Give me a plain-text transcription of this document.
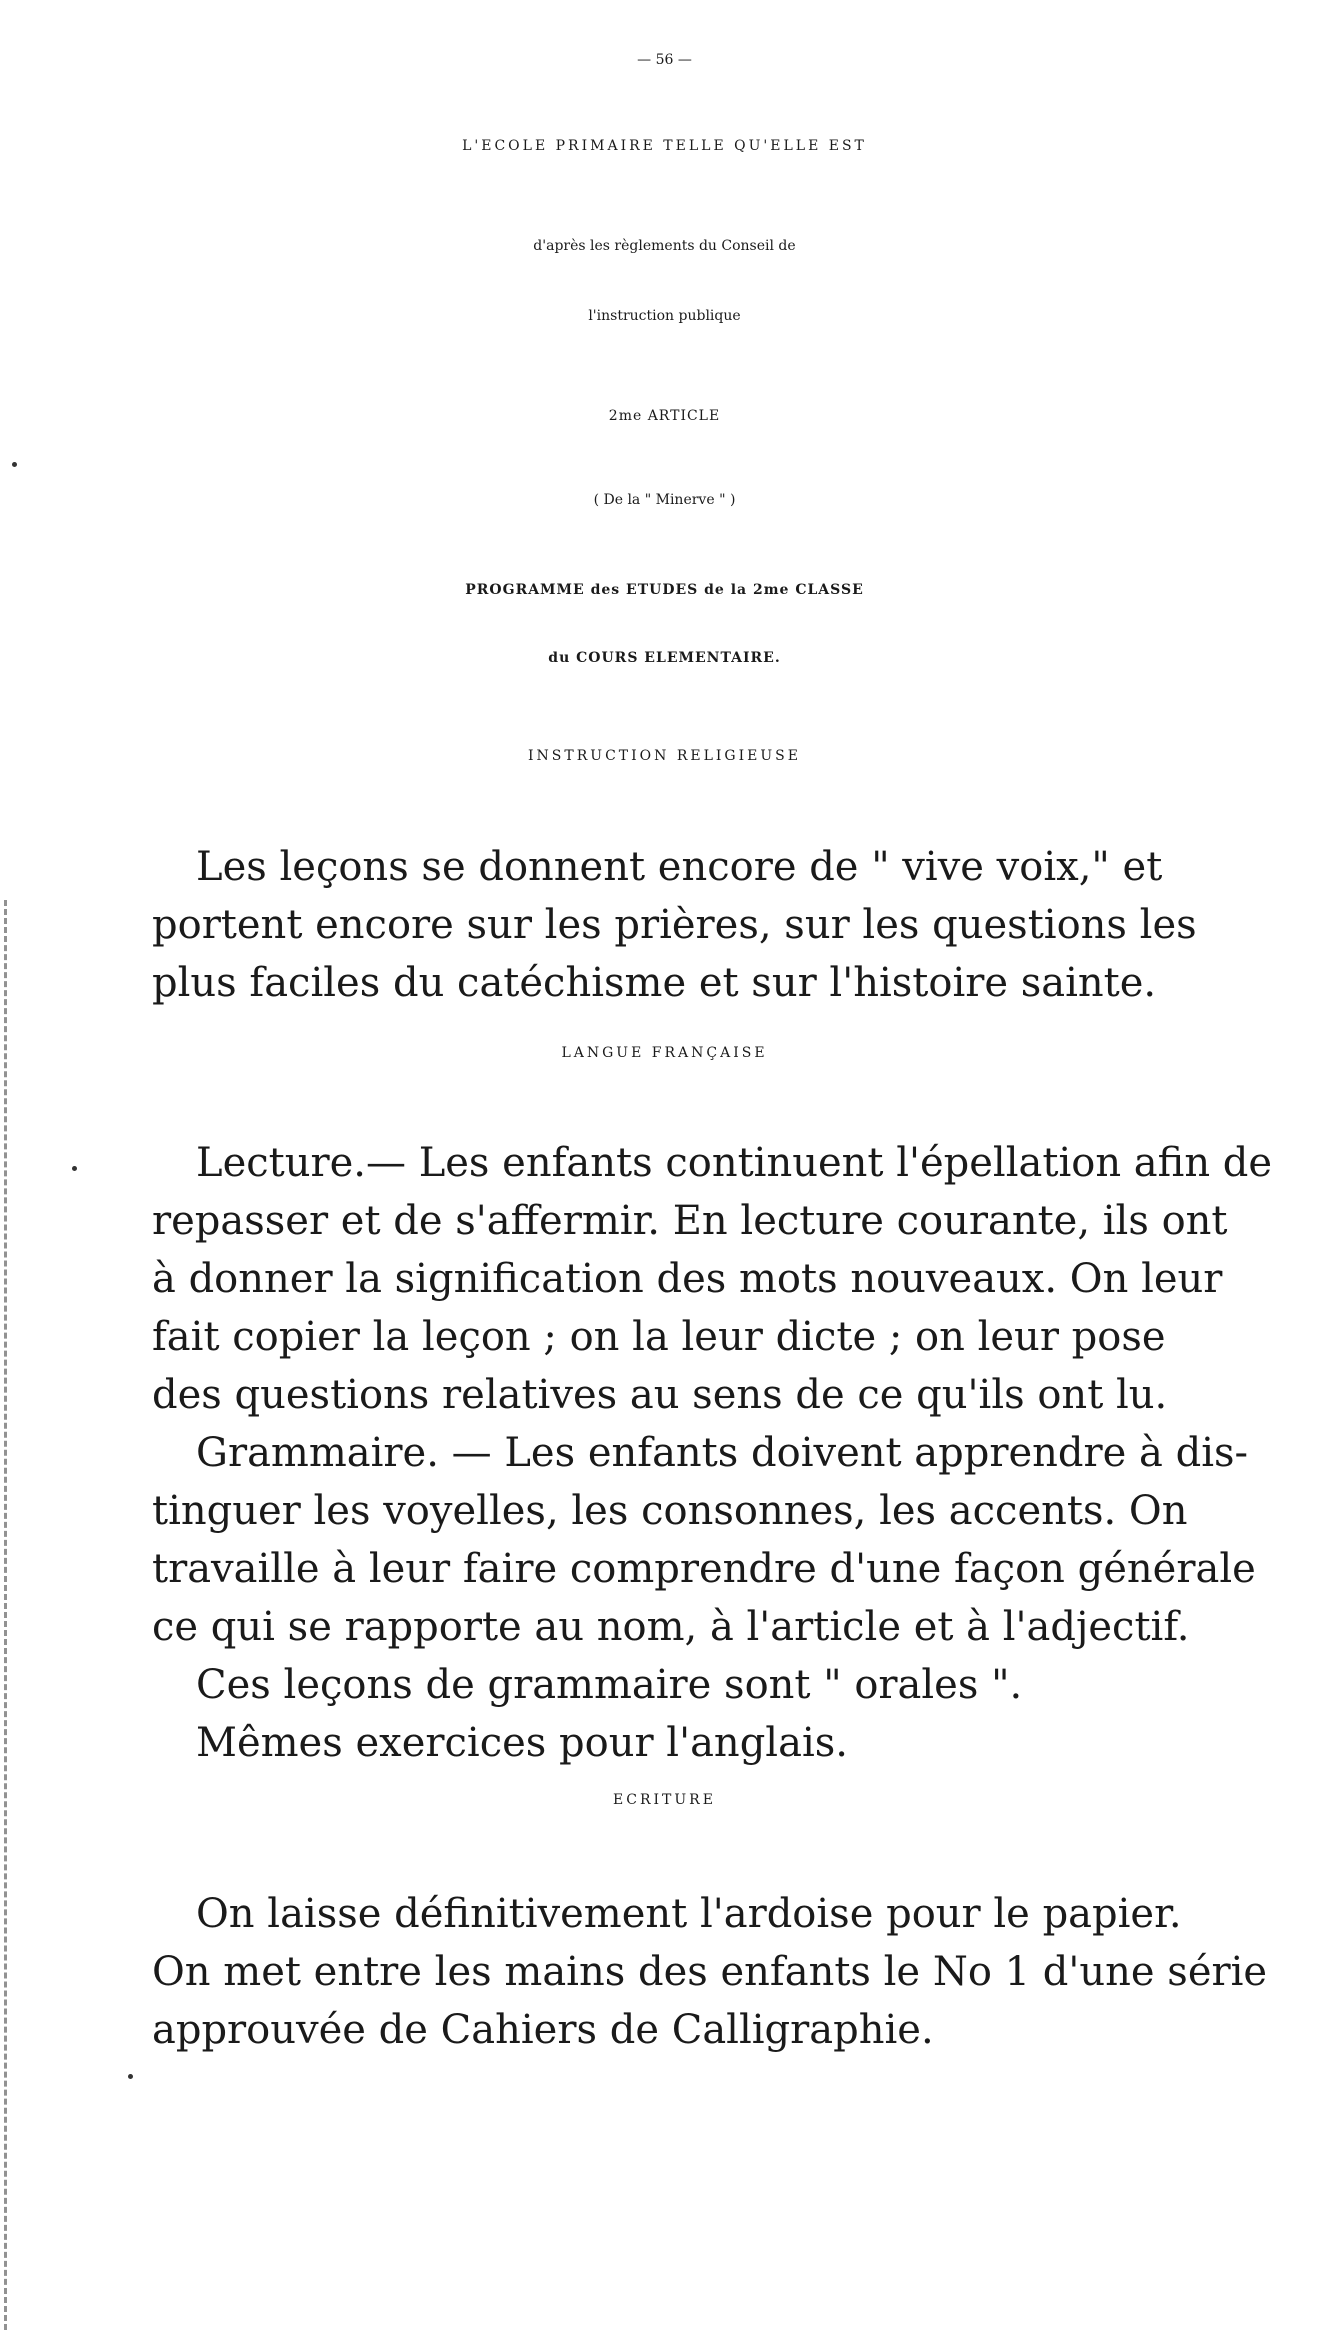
— 56 —
L'ECOLE PRIMAIRE TELLE QU'ELLE EST
d'après les règlements du Conseil de
l'instruction publique
2me ARTICLE
( De la " Minerve " )
PROGRAMME des ETUDES de la 2me CLASSE
du COURS ELEMENTAIRE.
INSTRUCTION RELIGIEUSE
Les leçons se donnent encore de " vive voix," et
portent encore sur les prières, sur les questions les
plus faciles du catéchisme et sur l'histoire sainte.
LANGUE FRANÇAISE
Lecture.— Les enfants continuent l'épellation afin de
repasser et de s'affermir. En lecture courante, ils ont
à donner la signification des mots nouveaux. On leur
fait copier la leçon ; on la leur dicte ; on leur pose
des questions relatives au sens de ce qu'ils ont lu.
Grammaire. — Les enfants doivent apprendre à dis-
tinguer les voyelles, les consonnes, les accents. On
travaille à leur faire comprendre d'une façon générale
ce qui se rapporte au nom, à l'article et à l'adjectif.
Ces leçons de grammaire sont " orales ".
Mêmes exercices pour l'anglais.
ECRITURE
On laisse définitivement l'ardoise pour le papier.
On met entre les mains des enfants le No 1 d'une série
approuvée de Cahiers de Calligraphie.
